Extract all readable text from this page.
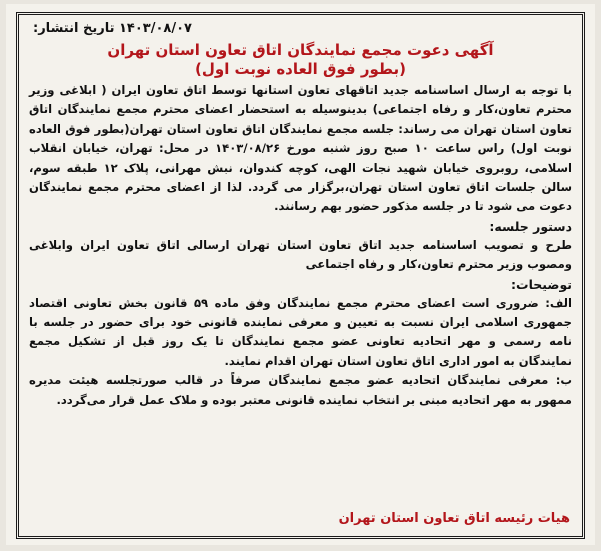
۱۴۰۳/۰۸/۰۷ تاریخ انتشار:
آگهی دعوت مجمع نمایندگان اتاق تعاون استان تهران
(بطور فوق العاده نوبت اول)

با توجه به ارسال اساسنامه جدید اتاقهای تعاون استانها توسط اتاق تعاون ایران ( ابلاغی وزیر محترم تعاون،کار و رفاه اجتماعی) بدینوسیله به استحضار اعضای محترم مجمع نمایندگان اتاق تعاون استان تهران می رساند: جلسه مجمع نمایندگان اتاق تعاون استان تهران(بطور فوق العاده نوبت اول) راس ساعت ۱۰ صبح روز شنبه مورخ ۱۴۰۳/۰۸/۲۶ در محل: تهران، خیابان انقلاب اسلامی، روبروی خیابان شهید نجات الهی، کوچه کندوان، نبش مهرانی، پلاک ۱۲ طبقه سوم، سالن جلسات اتاق تعاون استان تهران،برگزار می گردد. لذا از اعضای محترم مجمع نمایندگان دعوت می شود تا در جلسه مذکور حضور بهم رسانند.

دستور جلسه:

طرح و تصویب اساسنامه جدید اتاق تعاون استان تهران ارسالی اتاق تعاون ایران وابلاغی ومصوب وزیر محترم تعاون،کار و رفاه اجتماعی

توضیحات:

الف: ضروری است اعضای محترم مجمع نمایندگان وفق ماده ۵۹ قانون بخش تعاونی اقتصاد جمهوری اسلامی ایران نسبت به تعیین و معرفی نماینده قانونی خود برای حضور در جلسه با نامه رسمی و مهر اتحادیه تعاونی عضو مجمع نمایندگان تا یک روز قبل از تشکیل مجمع نمایندگان به امور اداری اتاق تعاون استان تهران اقدام نمایند.

ب: معرفی نمایندگان اتحادیه عضو مجمع نمایندگان صرفاً در قالب صورتجلسه هیئت مدیره ممهور به مهر اتحادیه مبنی بر انتخاب نماینده قانونی معتبر بوده و ملاک عمل قرار می‌گردد.

هیات رئیسه اتاق تعاون استان تهران
